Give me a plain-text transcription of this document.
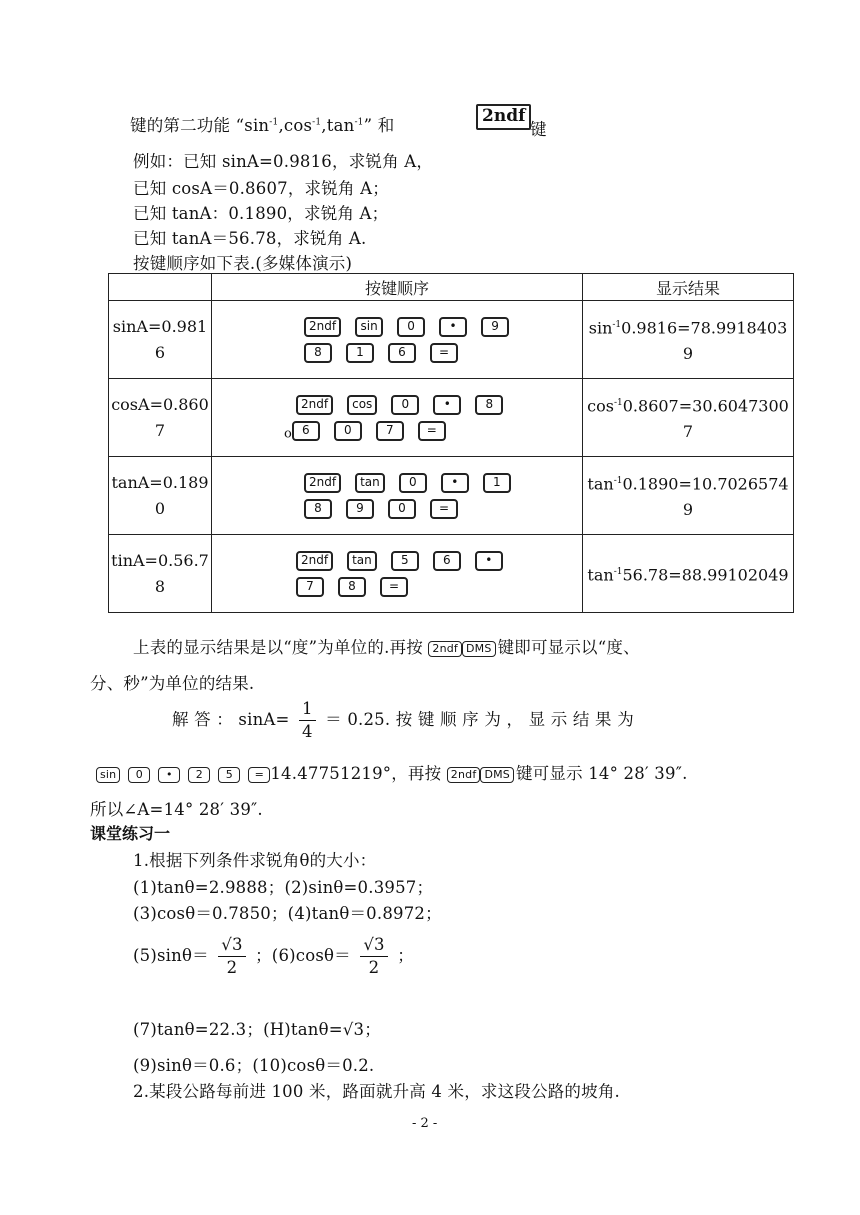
键的第二功能 “$\sin^{-1},\cos^{-1},\tan^{-1}$” 和	2ndf
键
例如：已知 sinA=0.9816，求锐角 A，
已知 cosA＝0.8607，求锐角 A；
已知 tanA：0.1890，求锐角 A；
已知 tanA＝56.78，求锐角 A.
按键顺序如下表.(多媒体演示)
	按键顺序	显示结果
sinA=0.9816	2ndf sin 0 • 9
8 1 6 =	$\sin^{-1}0.9816=78.99184039$
cosA=0.8607	2ndf cos 0 • 8
o 6 0 7 =	$\cos^{-1}0.8607=30.60473007$
tanA=0.1890	2ndf tan 0 • 1
8 9 0 =	$\tan^{-1}0.1890=10.70265749$
tinA=0.56.78	2ndf tan 5 6 •
7 8 =	$\tan^{-1}56.78=88.99102049$
上表的显示结果是以“度”为单位的.再按 2ndf DMS 键即可显示以“度、
分、秒”为单位的结果.
解 答 ： $\sin A= \frac{1}{4} = 0.25$. 按 键 顺 序 为 ， 显 示 结 果 为
sin 0 • 2 5 = 14.47751219°，再按 2ndf DMS 键可显示 14° 28′ 39″.
所以∠A=14° 28′ 39″.
课堂练习一
1.根据下列条件求锐角θ的大小：
(1)tanθ=2.9888；(2)sinθ=0.3957；
(3)cosθ＝0.7850；(4)tanθ＝0.8972；
$(5)\sin\theta= \frac{√3}{2}$ ；$(6)\cos\theta= \frac{√3}{2}$ ；
(7)tanθ=22.3；(H)tanθ=√3；
(9)sinθ＝0.6；(10)cosθ＝0.2.
2.某段公路每前进 100 米，路面就升高 4 米，求这段公路的坡角.
- 2 -
